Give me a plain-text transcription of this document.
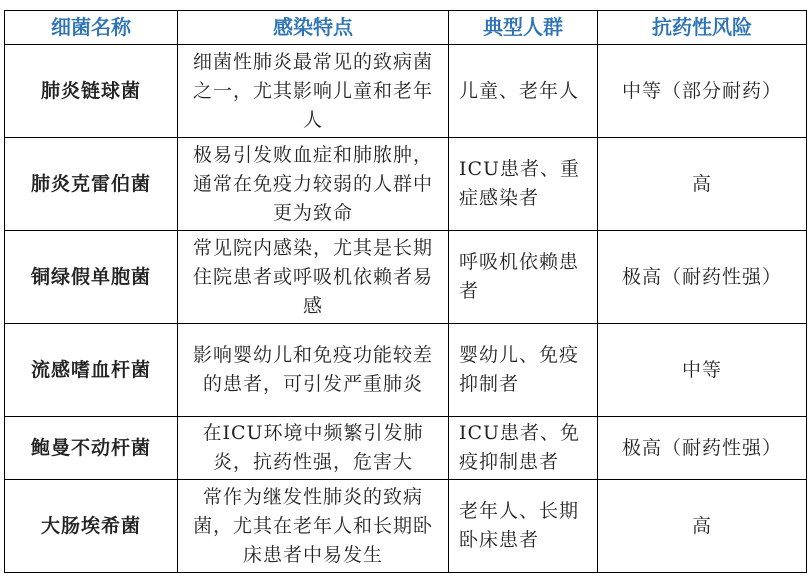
细菌名称	感染特点	典型人群	抗药性风险
肺炎链球菌	细菌性肺炎最常见的致病菌之一，尤其影响儿童和老年人	儿童、老年人	中等（部分耐药）
肺炎克雷伯菌	极易引发败血症和肺脓肿，通常在免疫力较弱的人群中更为致命	ICU患者、重症感染者	高
铜绿假单胞菌	常见院内感染，尤其是长期住院患者或呼吸机依赖者易感	呼吸机依赖患者	极高（耐药性强）
流感嗜血杆菌	影响婴幼儿和免疫功能较差的患者，可引发严重肺炎	婴幼儿、免疫抑制者	中等
鲍曼不动杆菌	在ICU环境中频繁引发肺炎，抗药性强，危害大	ICU患者、免疫抑制患者	极高（耐药性强）
大肠埃希菌	常作为继发性肺炎的致病菌，尤其在老年人和长期卧床患者中易发生	老年人、长期卧床患者	高
